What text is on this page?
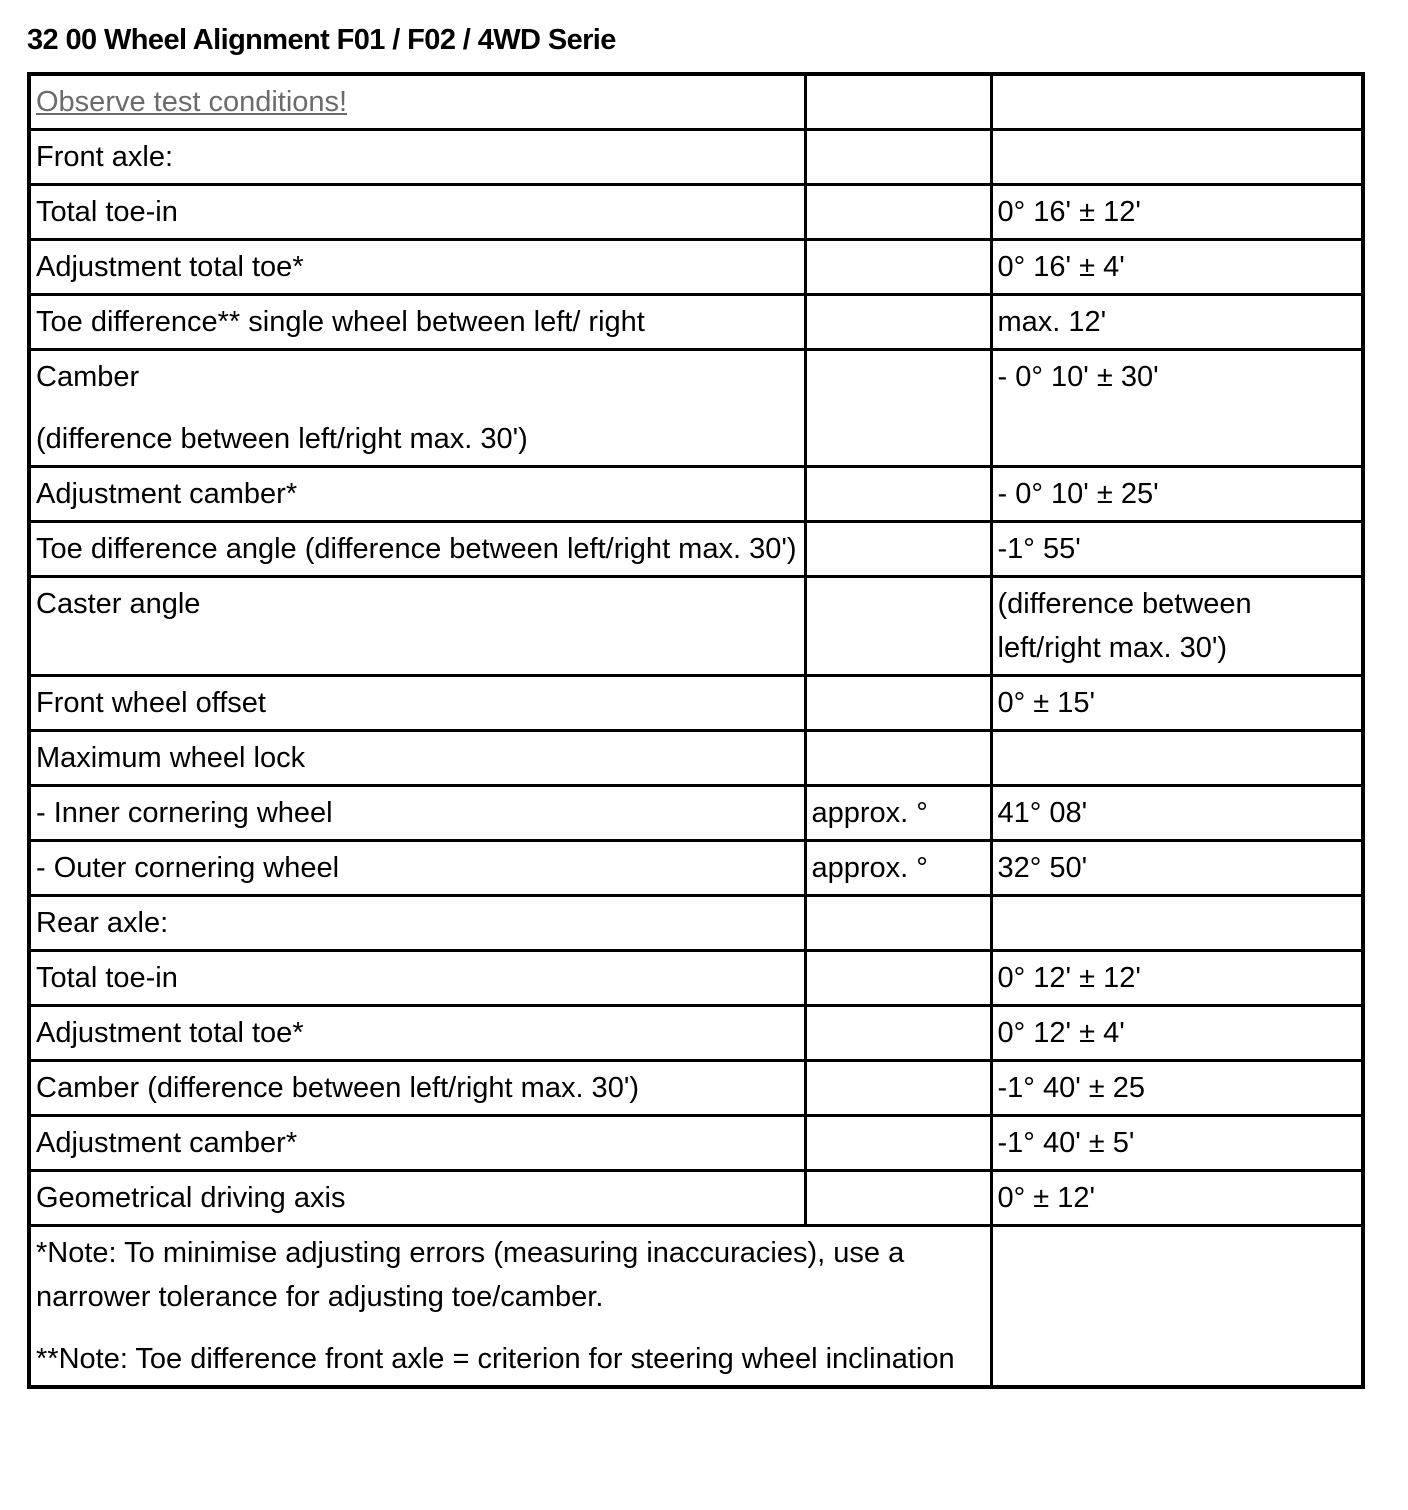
32 00 Wheel Alignment F01 / F02 / 4WD Serie
Observe test conditions!		
Front axle:		
Total toe-in		0° 16' ± 12'
Adjustment total toe*		0° 16' ± 4'
Toe difference** single wheel between left/ right		max. 12'
Camber
(difference between left/right max. 30')		- 0° 10' ± 30'
Adjustment camber*		- 0° 10' ± 25'
Toe difference angle (difference between left/right max. 30')		-1° 55'
Caster angle		(difference between left/right max. 30')
Front wheel offset		0° ± 15'
Maximum wheel lock		
- Inner cornering wheel	approx. °	41° 08'
- Outer cornering wheel	approx. °	32° 50'
Rear axle:		
Total toe-in		0° 12' ± 12'
Adjustment total toe*		0° 12' ± 4'
Camber (difference between left/right max. 30')		-1° 40' ± 25
Adjustment camber*		-1° 40' ± 5'
Geometrical driving axis		0° ± 12'
*Note: To minimise adjusting errors (measuring inaccuracies), use a narrower tolerance for adjusting toe/camber.
**Note: Toe difference front axle = criterion for steering wheel inclination		
